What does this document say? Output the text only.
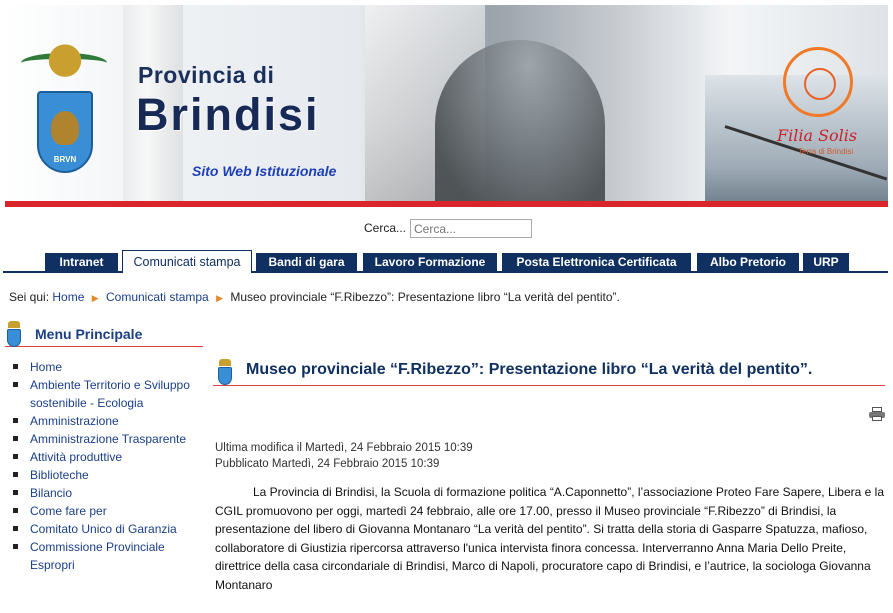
BRVN
Provincia di
Brindisi
Sito Web Istituzionale
Filia Solis
Terra di Brindisi
Cerca...
Cerca...
Intranet	Comunicati stampa	Bandi di gara	Lavoro Formazione	Posta Elettronica Certificata	Albo Pretorio	URP
Sei qui: Home ▶ Comunicati stampa ▶ Museo provinciale “F.Ribezzo”: Presentazione libro “La verità del pentito”.
Menu Principale
Home
Ambiente Territorio e Sviluppo sostenibile - Ecologia
Amministrazione
Amministrazione Trasparente
Attività produttive
Biblioteche
Bilancio
Come fare per
Comitato Unico di Garanzia
Commissione Provinciale Espropri
Museo provinciale “F.Ribezzo”: Presentazione libro “La verità del pentito”.
Ultima modifica il Martedì, 24 Febbraio 2015 10:39
Pubblicato Martedì, 24 Febbraio 2015 10:39
La Provincia di Brindisi, la Scuola di formazione politica “A.Caponnetto”, l’associazione Proteo Fare Sapere, Libera e la CGIL promuovono per oggi, martedì 24 febbraio, alle ore 17.00, presso il Museo provinciale “F.Ribezzo” di Brindisi, la presentazione del libero di Giovanna Montanaro “La verità del pentito”. Si tratta della storia di Gasparre Spatuzza, mafioso, collaboratore di Giustizia ripercorsa attraverso l'unica intervista finora concessa. Interverranno Anna Maria Dello Preite, direttrice della casa circondariale di Brindisi, Marco di Napoli, procuratore capo di Brindisi, e l’autrice, la sociologa Giovanna Montanaro
